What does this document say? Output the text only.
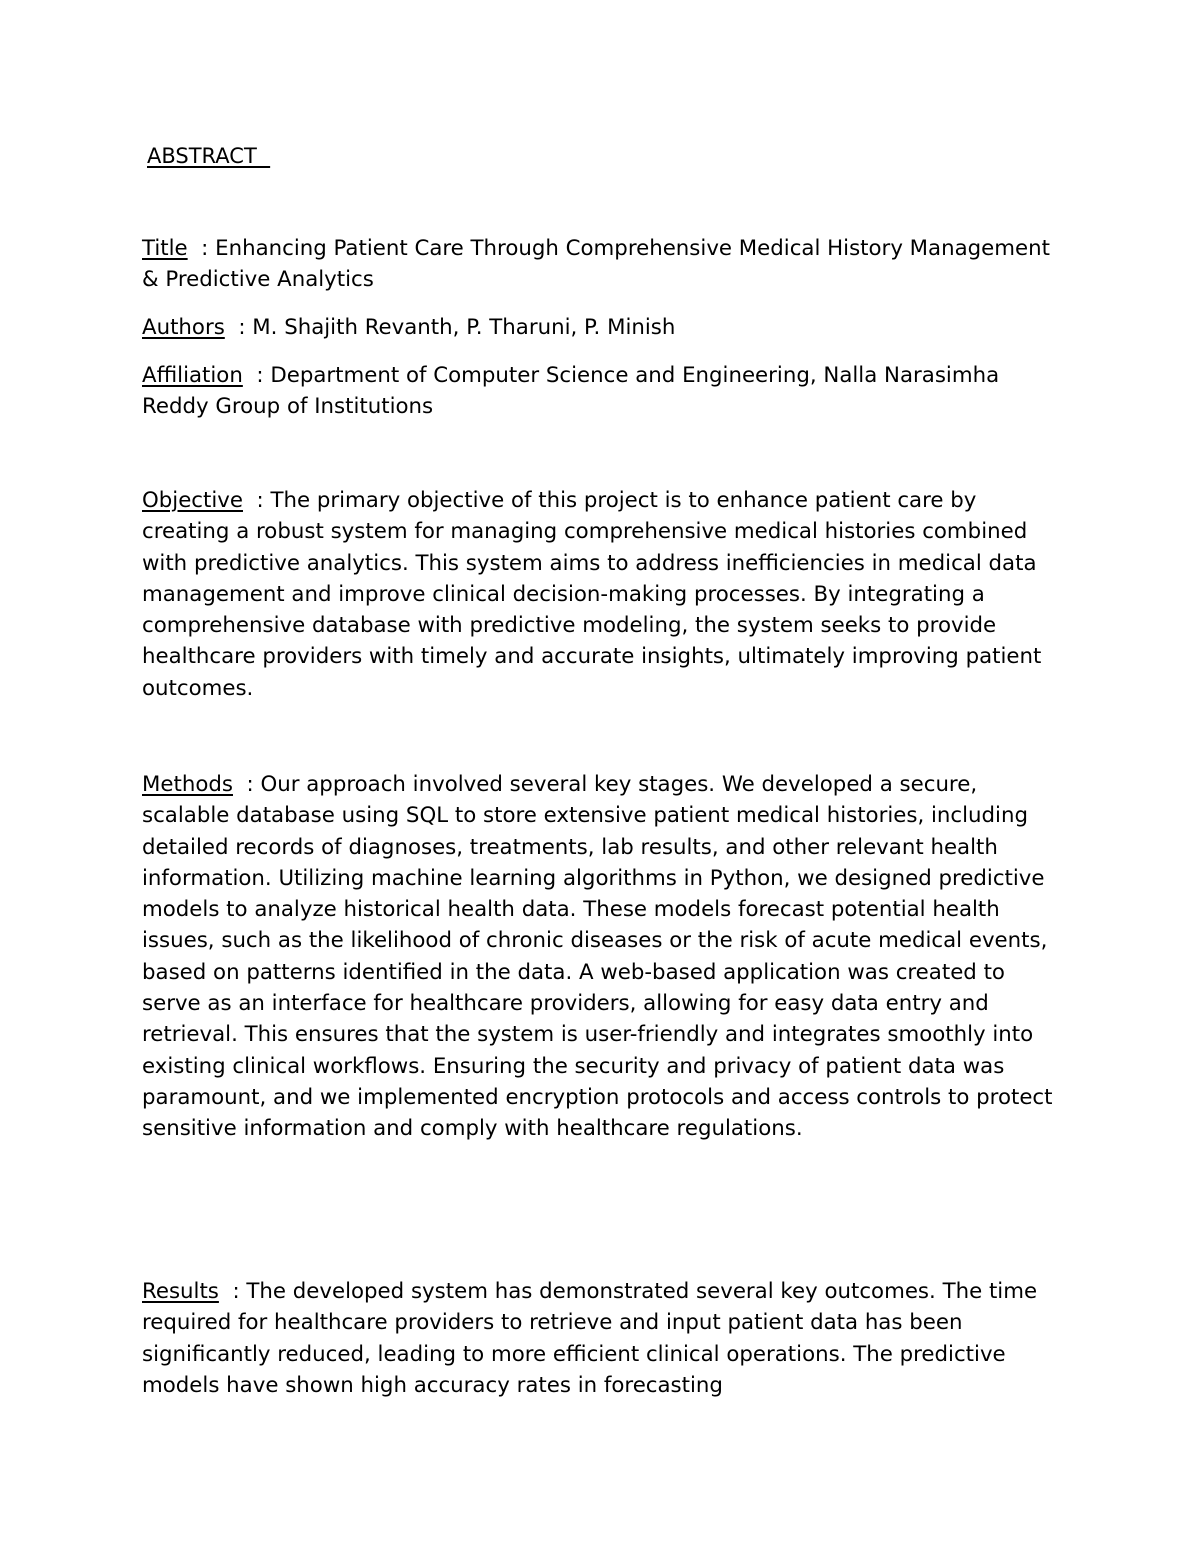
ABSTRACT

Title  : Enhancing Patient Care Through Comprehensive Medical History Management & Predictive Analytics

Authors  : M. Shajith Revanth, P. Tharuni, P. Minish

Affiliation  : Department of Computer Science and Engineering, Nalla Narasimha Reddy Group of Institutions

Objective  : The primary objective of this project is to enhance patient care by creating a robust system for managing comprehensive medical histories combined with predictive analytics. This system aims to address inefficiencies in medical data management and improve clinical decision-making processes. By integrating a comprehensive database with predictive modeling, the system seeks to provide healthcare providers with timely and accurate insights, ultimately improving patient outcomes.

Methods  : Our approach involved several key stages. We developed a secure, scalable database using SQL to store extensive patient medical histories, including detailed records of diagnoses, treatments, lab results, and other relevant health information. Utilizing machine learning algorithms in Python, we designed predictive models to analyze historical health data. These models forecast potential health issues, such as the likelihood of chronic diseases or the risk of acute medical events, based on patterns identified in the data. A web-based application was created to serve as an interface for healthcare providers, allowing for easy data entry and retrieval. This ensures that the system is user-friendly and integrates smoothly into existing clinical workflows. Ensuring the security and privacy of patient data was paramount, and we implemented encryption protocols and access controls to protect sensitive information and comply with healthcare regulations.

Results  : The developed system has demonstrated several key outcomes. The time required for healthcare providers to retrieve and input patient data has been significantly reduced, leading to more efficient clinical operations. The predictive models have shown high accuracy rates in forecasting
